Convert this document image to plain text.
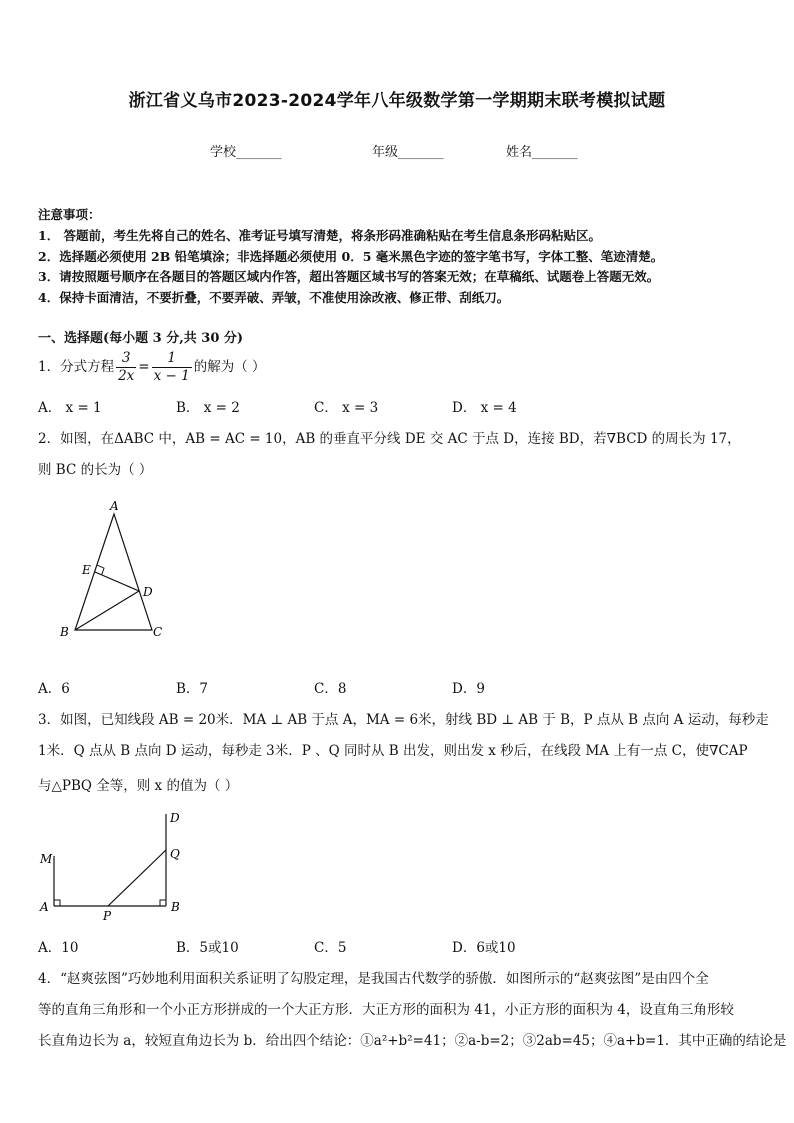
浙江省义乌市2023-2024学年八年级数学第一学期期末联考模拟试题
学校_______	年级_______	姓名_______
注意事项：
1． 答题前，考生先将自己的姓名、准考证号填写清楚，将条形码准确粘贴在考生信息条形码粘贴区。
2．选择题必须使用 2B 铅笔填涂；非选择题必须使用 0．5 毫米黑色字迹的签字笔书写，字体工整、笔迹清楚。
3．请按照题号顺序在各题目的答题区域内作答，超出答题区域书写的答案无效；在草稿纸、试题卷上答题无效。
4．保持卡面清洁，不要折叠，不要弄破、弄皱，不准使用涂改液、修正带、刮纸刀。
一、选择题(每小题 3 分,共 30 分)
1．分式方程 $\frac{3}{2x} = \frac{1}{x - 1}$ 的解为（ ）
A． x = 1	B． x = 2	C． x = 3	D． x = 4
2．如图，在ΔABC 中，AB = AC = 10，AB 的垂直平分线 DE 交 AC 于点 D，连接 BD，若∇BCD 的周长为 17，
则 BC 的长为（ ）
A
E
D
B	C
A．6	B．7	C．8	D．9
3．如图，已知线段 AB = 20米．MA ⊥ AB 于点 A，MA = 6米，射线 BD ⊥ AB 于 B，P 点从 B 点向 A 运动，每秒走
1米．Q 点从 B 点向 D 运动，每秒走 3米．P 、Q 同时从 B 出发，则出发 x 秒后，在线段 MA 上有一点 C，使∇CAP
与△PBQ 全等，则 x 的值为（ ）
D
Q
M
A
P
B
A．10	B．5或10	C．5	D．6或10
4．“赵爽弦图”巧妙地利用面积关系证明了勾股定理，是我国古代数学的骄傲．如图所示的“赵爽弦图”是由四个全
等的直角三角形和一个小正方形拼成的一个大正方形．大正方形的面积为 41，小正方形的面积为 4，设直角三角形较
长直角边长为 a，较短直角边长为 b．给出四个结论：①a²+b²=41；②a-b=2；③2ab=45；④a+b=1．其中正确的结论是
